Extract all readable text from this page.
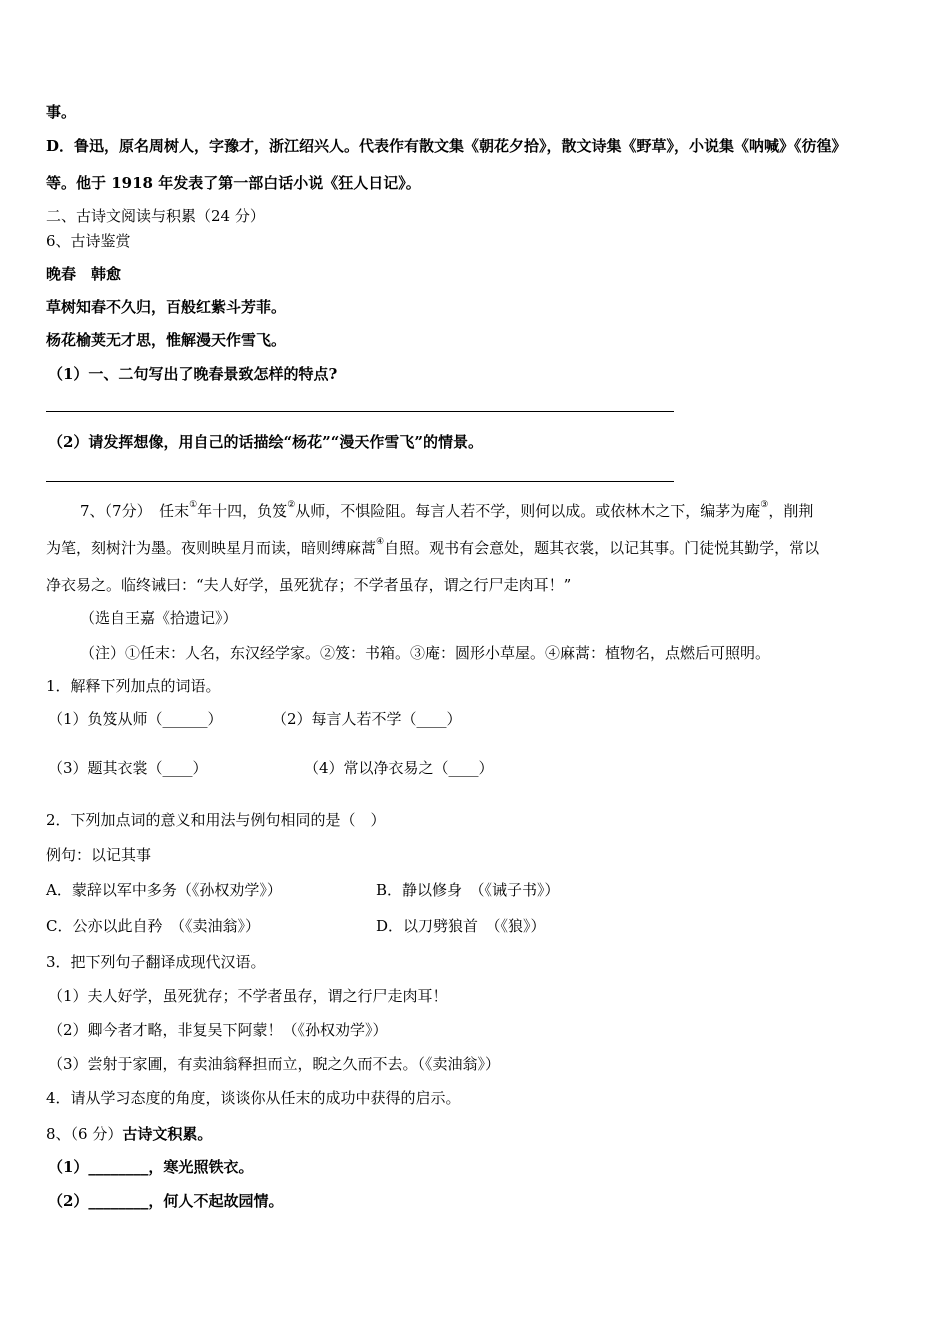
事。
D．鲁迅，原名周树人，字豫才，浙江绍兴人。代表作有散文集《朝花夕拾》，散文诗集《野草》，小说集《呐喊》《彷徨》
等。他于 1918 年发表了第一部白话小说《狂人日记》。
二、古诗文阅读与积累（24 分）
6、古诗鉴赏
晚春　韩愈
草树知春不久归，百般红紫斗芳菲。
杨花榆荚无才思，惟解漫天作雪飞。
（1）一、二句写出了晚春景致怎样的特点?
（2）请发挥想像，用自己的话描绘“杨花”“漫天作雪飞”的情景。
7、（7分）　任末①年十四，负笈②从师，不惧险阻。每言人若不学，则何以成。或依林木之下，编茅为庵③，削荆
为笔，刻树汁为墨。夜则映星月而读，暗则缚麻蒿④自照。观书有会意处，题其衣裳，以记其事。门徒悦其勤学，常以
净衣易之。临终诫曰：“夫人好学，虽死犹存；不学者虽存，谓之行尸走肉耳！”
（选自王嘉《拾遗记》）
（注）①任末：人名，东汉经学家。②笈：书箱。③庵：圆形小草屋。④麻蒿：植物名，点燃后可照明。
1．解释下列加点的词语。
（1）负笈从师（______）	（2）每言人若不学（____）
（3）题其衣裳（____）	（4）常以净衣易之（____）
2．下列加点词的意义和用法与例句相同的是（　）
例句：以记其事
A．蒙辞以军中多务（《孙权劝学》）	B．静以修身　（《诫子书》）
C．公亦以此自矜　（《卖油翁》）	D．以刀劈狼首　（《狼》）
3．把下列句子翻译成现代汉语。
（1）夫人好学，虽死犹存；不学者虽存，谓之行尸走肉耳！
（2）卿今者才略，非复吴下阿蒙！（《孙权劝学》）
（3）尝射于家圃，有卖油翁释担而立，睨之久而不去。（《卖油翁》）
4．请从学习态度的角度，谈谈你从任末的成功中获得的启示。
8、（6 分）古诗文积累。
（1）________，寒光照铁衣。
（2）________，何人不起故园情。
